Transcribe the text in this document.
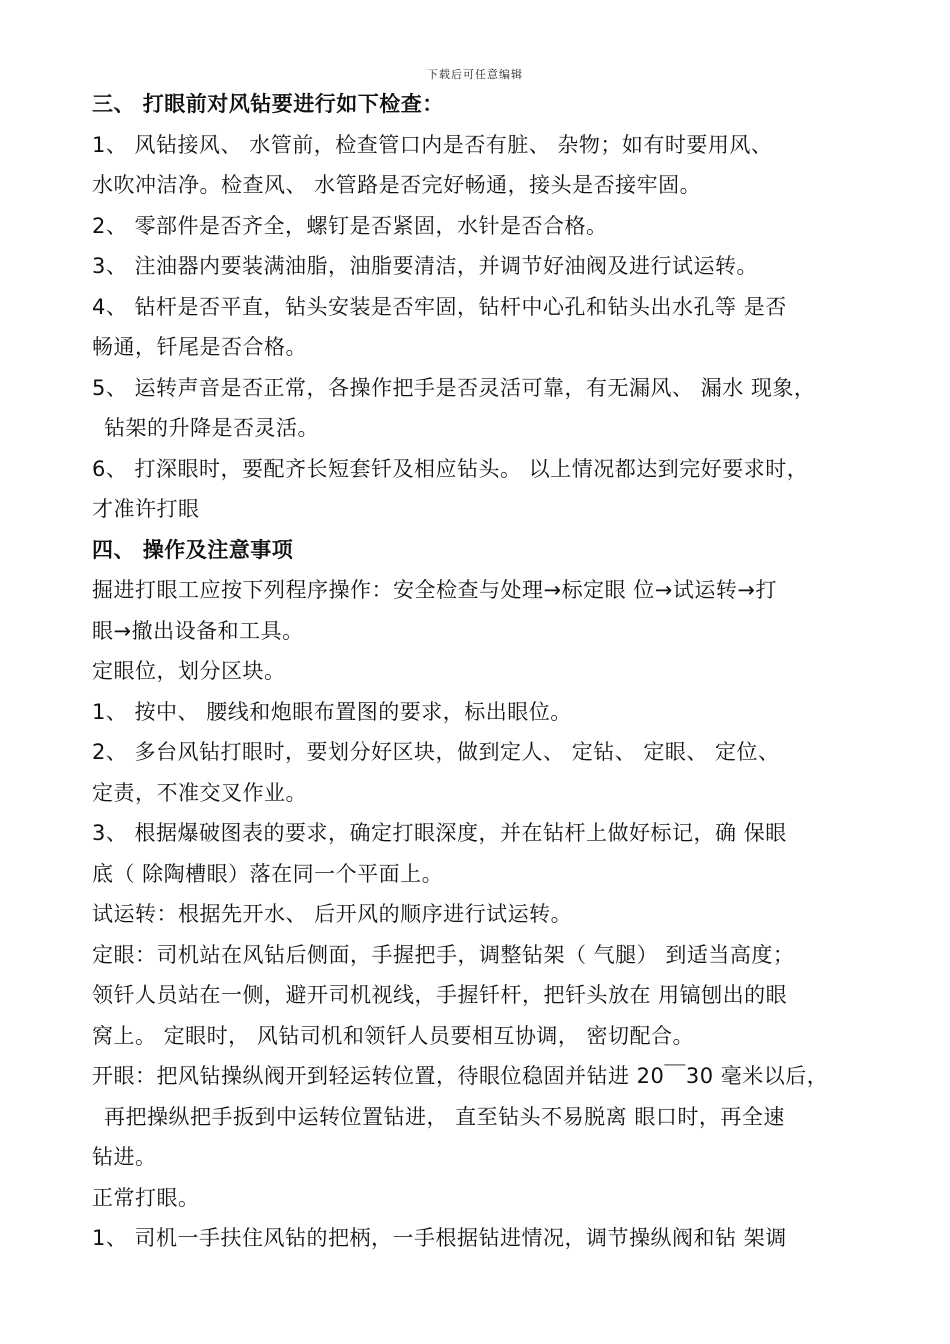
下载后可任意编辑
三、 打眼前对风钻要进行如下检查：
1、 风钻接风、 水管前，检查管口内是否有脏、 杂物；如有时要用风、
水吹冲洁净。检查风、 水管路是否完好畅通，接头是否接牢固。
2、 零部件是否齐全，螺钉是否紧固，水针是否合格。
3、 注油器内要装满油脂，油脂要清洁，并调节好油阀及进行试运转。
4、 钻杆是否平直，钻头安装是否牢固，钻杆中心孔和钻头出水孔等 是否
畅通，钎尾是否合格。
5、 运转声音是否正常，各操作把手是否灵活可靠，有无漏风、 漏水 现象，
钻架的升降是否灵活。
6、 打深眼时，要配齐长短套钎及相应钻头。 以上情况都达到完好要求时，
才准许打眼
四、 操作及注意事项
掘进打眼工应按下列程序操作：安全检查与处理→标定眼 位→试运转→打
眼→撤出设备和工具。
定眼位，划分区块。
1、 按中、 腰线和炮眼布置图的要求，标出眼位。
2、 多台风钻打眼时，要划分好区块，做到定人、 定钻、 定眼、 定位、
定责，不准交叉作业。
3、 根据爆破图表的要求，确定打眼深度，并在钻杆上做好标记，确 保眼
底（ 除陶槽眼）落在同一个平面上。
试运转：根据先开水、 后开风的顺序进行试运转。
定眼：司机站在风钻后侧面，手握把手，调整钻架（ 气腿） 到适当高度；
领钎人员站在一侧，避开司机视线，手握钎杆，把钎头放在 用镐刨出的眼
窝上。 定眼时， 风钻司机和领钎人员要相互协调， 密切配合。
开眼：把风钻操纵阀开到轻运转位置，待眼位稳固并钻进 20￣30 毫米以后，
再把操纵把手扳到中运转位置钻进， 直至钻头不易脱离 眼口时，再全速
钻进。
正常打眼。
1、 司机一手扶住风钻的把柄，一手根据钻进情况，调节操纵阀和钻 架调
